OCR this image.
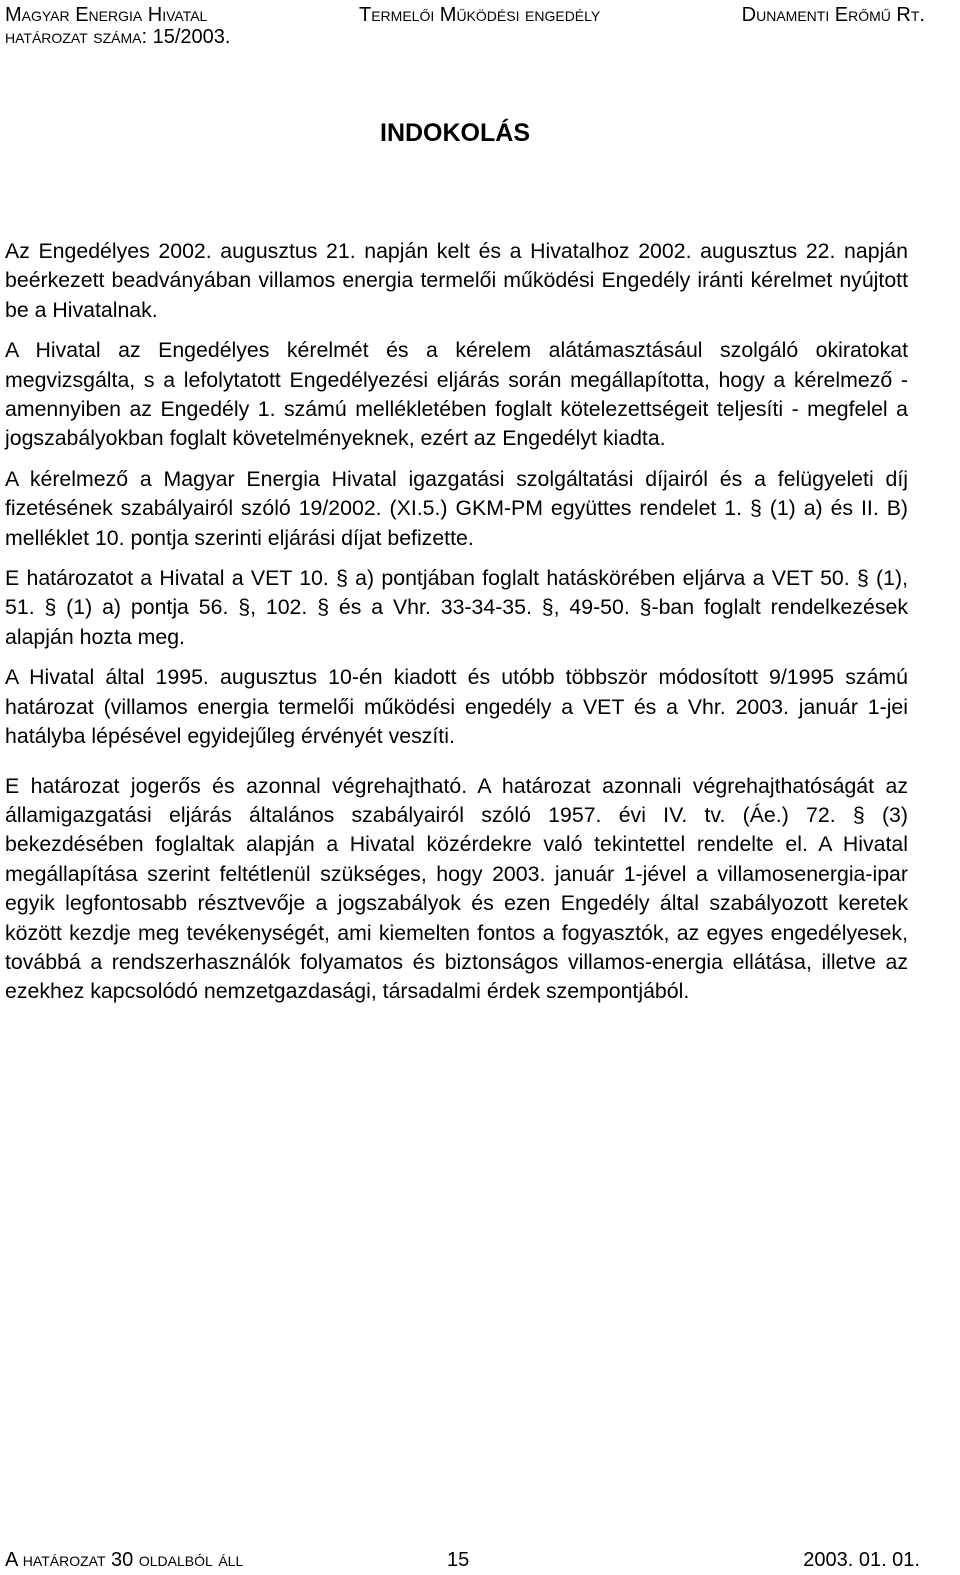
Magyar Energia Hivatal	Termelői Működési engedély	Dunamenti Erőmű Rt.
határozat száma: 15/2003.
INDOKOLÁS

Az Engedélyes 2002. augusztus 21. napján kelt és a Hivatalhoz 2002. augusztus 22. napján beérkezett beadványában villamos energia termelői működési Engedély iránti kérelmet nyújtott be a Hivatalnak.

A Hivatal az Engedélyes kérelmét és a kérelem alátámasztásául szolgáló okiratokat megvizsgálta, s a lefolytatott Engedélyezési eljárás során megállapította, hogy a kérelmező - amennyiben az Engedély 1. számú mellékletében foglalt kötelezettségeit teljesíti - megfelel a jogszabályokban foglalt követelményeknek, ezért az Engedélyt kiadta.

A kérelmező a Magyar Energia Hivatal igazgatási szolgáltatási díjairól és a felügyeleti díj fizetésének szabályairól szóló 19/2002. (XI.5.) GKM-PM együttes rendelet 1. § (1) a) és II. B) melléklet 10. pontja szerinti eljárási díjat befizette.

E határozatot a Hivatal a VET 10. § a) pontjában foglalt hatáskörében eljárva a VET 50. § (1), 51. § (1) a) pontja 56. §, 102. § és a Vhr. 33-34-35. §, 49-50. §-ban foglalt rendelkezések alapján hozta meg.

A Hivatal által 1995. augusztus 10-én kiadott és utóbb többször módosított 9/1995 számú határozat (villamos energia termelői működési engedély a VET és a Vhr. 2003. január 1-jei hatályba lépésével egyidejűleg érvényét veszíti.

E határozat jogerős és azonnal végrehajtható. A határozat azonnali végrehajthatóságát az államigazgatási eljárás általános szabályairól szóló 1957. évi IV. tv. (Áe.) 72. § (3) bekezdésében foglaltak alapján a Hivatal közérdekre való tekintettel rendelte el. A Hivatal megállapítása szerint feltétlenül szükséges, hogy 2003. január 1-jével a villamosenergia-ipar egyik legfontosabb résztvevője a jogszabályok és ezen Engedély által szabályozott keretek között kezdje meg tevékenységét, ami kiemelten fontos a fogyasztók, az egyes engedélyesek, továbbá a rendszerhasználók folyamatos és biztonságos villamos-energia ellátása, illetve az ezekhez kapcsolódó nemzetgazdasági, társadalmi érdek szempontjából.

A határozat 30 oldalból áll	15	2003. 01. 01.
